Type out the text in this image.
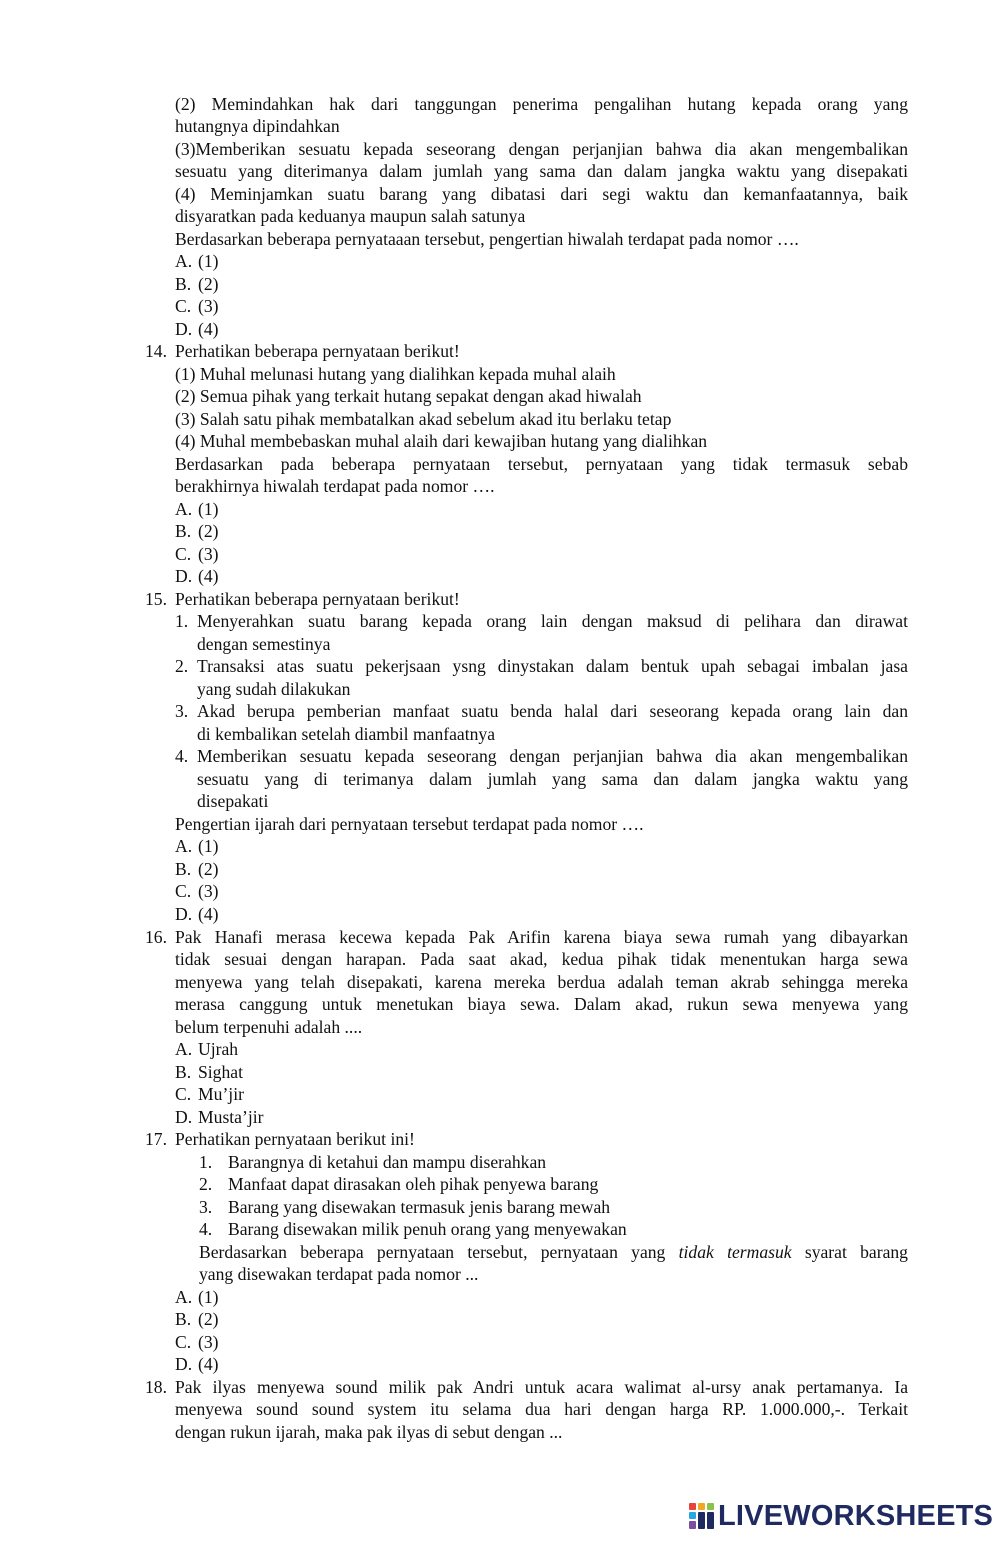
(2) Memindahkan hak dari tanggungan penerima pengalihan hutang kepada orang yang
hutangnya dipindahkan
(3)Memberikan sesuatu kepada seseorang dengan perjanjian bahwa dia akan mengembalikan
sesuatu yang diterimanya dalam jumlah yang sama dan dalam jangka waktu yang disepakati
(4) Meminjamkan suatu barang yang dibatasi dari segi waktu dan kemanfaatannya, baik
disyaratkan pada keduanya maupun salah satunya
Berdasarkan beberapa pernyataaan tersebut, pengertian hiwalah terdapat pada nomor ….
A. (1)
B. (2)
C. (3)
D. (4)
14. Perhatikan beberapa pernyataan berikut!
(1) Muhal melunasi hutang yang dialihkan kepada muhal alaih
(2) Semua pihak yang terkait hutang sepakat dengan akad hiwalah
(3) Salah satu pihak membatalkan akad sebelum akad itu berlaku tetap
(4) Muhal membebaskan muhal alaih dari kewajiban hutang yang dialihkan
Berdasarkan pada beberapa pernyataan tersebut, pernyataan yang tidak termasuk sebab
berakhirnya hiwalah terdapat pada nomor ….
A. (1)
B. (2)
C. (3)
D. (4)
15. Perhatikan beberapa pernyataan berikut!
1. Menyerahkan suatu barang kepada orang lain dengan maksud di pelihara dan dirawat
dengan semestinya
2. Transaksi atas suatu pekerjsaan ysng dinystakan dalam bentuk upah sebagai imbalan jasa
yang sudah dilakukan
3. Akad berupa pemberian manfaat suatu benda halal dari seseorang kepada orang lain dan
di kembalikan setelah diambil manfaatnya
4. Memberikan sesuatu kepada seseorang dengan perjanjian bahwa dia akan mengembalikan
sesuatu yang di terimanya dalam jumlah yang sama dan dalam jangka waktu yang
disepakati
Pengertian ijarah dari pernyataan tersebut terdapat pada nomor ….
A. (1)
B. (2)
C. (3)
D. (4)
16. Pak Hanafi merasa kecewa kepada Pak Arifin karena biaya sewa rumah yang dibayarkan
tidak sesuai dengan harapan. Pada saat akad, kedua pihak tidak menentukan harga sewa
menyewa yang telah disepakati, karena mereka berdua adalah teman akrab sehingga mereka
merasa canggung untuk menetukan biaya sewa. Dalam akad, rukun sewa menyewa yang
belum terpenuhi adalah ....
A. Ujrah
B. Sighat
C. Mu’jir
D. Musta’jir
17. Perhatikan pernyataan berikut ini!
1. Barangnya di ketahui dan mampu diserahkan
2. Manfaat dapat dirasakan oleh pihak penyewa barang
3. Barang yang disewakan termasuk jenis barang mewah
4. Barang disewakan milik penuh orang yang menyewakan
Berdasarkan beberapa pernyataan tersebut, pernyataan yang tidak termasuk syarat barang
yang disewakan terdapat pada nomor ...
A. (1)
B. (2)
C. (3)
D. (4)
18. Pak ilyas menyewa sound milik pak Andri untuk acara walimat al-ursy anak pertamanya. Ia
menyewa sound sound system itu selama dua hari dengan harga RP. 1.000.000,-. Terkait
dengan rukun ijarah, maka pak ilyas di sebut dengan ...
LIVEWORKSHEETS
